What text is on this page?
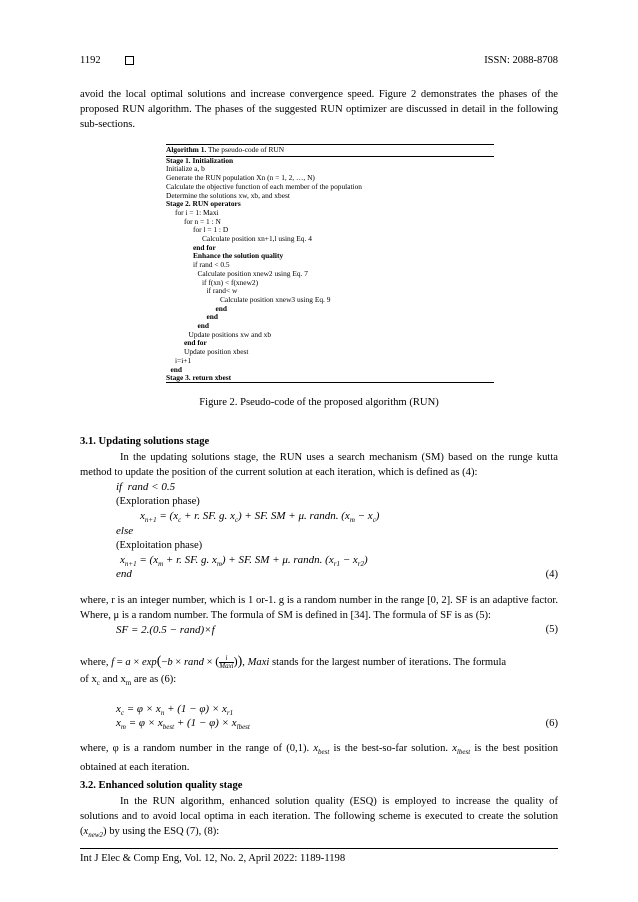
1192	ISSN: 2088-8708
avoid the local optimal solutions and increase convergence speed. Figure 2 demonstrates the phases of the proposed RUN algorithm. The phases of the suggested RUN optimizer are discussed in detail in the following sub-sections.
Algorithm 1. The pseudo-code of RUN
Stage 1. Initialization
Initialize a, b
Generate the RUN population Xn (n = 1, 2, …, N)
Calculate the objective function of each member of the population
Determine the solutions xw, xb, and xbest
Stage 2. RUN operators
for i = 1: Maxi
for n = 1 : N
for l = 1 : D
Calculate position xn+1,l using Eq. 4
end for
Enhance the solution quality
if rand < 0.5
Calculate position xnew2 using Eq. 7
if f(xn) < f(xnew2)
if rand< w
Calculate position xnew3 using Eq. 9
end
end
end
Update positions xw and xb
end for
Update position xbest
i=i+1
end
Stage 3. return xbest
Figure 2. Pseudo-code of the proposed algorithm (RUN)
3.1. Updating solutions stage
In the updating solutions stage, the RUN uses a search mechanism (SM) based on the runge kutta method to update the position of the current solution at each iteration, which is defined as (4):
if  rand < 0.5
(Exploration phase)
$x_{n+1} = (x_c + r$. SF. g. $x_c$) + SF. SM + μ. randn. $(x_m - x_c)$
else
(Exploitation phase)
$x_{n+1} = (x_m + r$. SF. g. $x_m$) + SF. SM + μ. randn. $(x_{r1} - x_{r2})$
end	(4)
where, r is an integer number, which is 1 or-1. g is a random number in the range [0, 2]. SF is an adaptive factor. Where, μ is a random number. The formula of SM is defined in [34]. The formula of SF is as (5):
SF = 2.(0.5 − rand)×f	(5)
where, f = a × exp(−b × rand × ( i
Maxi )), Maxi stands for the largest number of iterations. The formula
of $x_c$ and $x_m$ are as (6):
$x_c = \varphi \times x_n + (1 - \varphi) \times x_{r1}$
$x_m = \varphi \times x_{best} + (1 - \varphi) \times x_{lbest}$	(6)
where, φ is a random number in the range of (0,1). $x_{best}$ is the best-so-far solution. $x_{lbest}$ is the best position obtained at each iteration.
3.2. Enhanced solution quality stage
In the RUN algorithm, enhanced solution quality (ESQ) is employed to increase the quality of solutions and to avoid local optima in each iteration. The following scheme is executed to create the solution $(x_{new2})$ by using the ESQ (7), (8):
Int J Elec & Comp Eng, Vol. 12, No. 2, April 2022: 1189-1198
